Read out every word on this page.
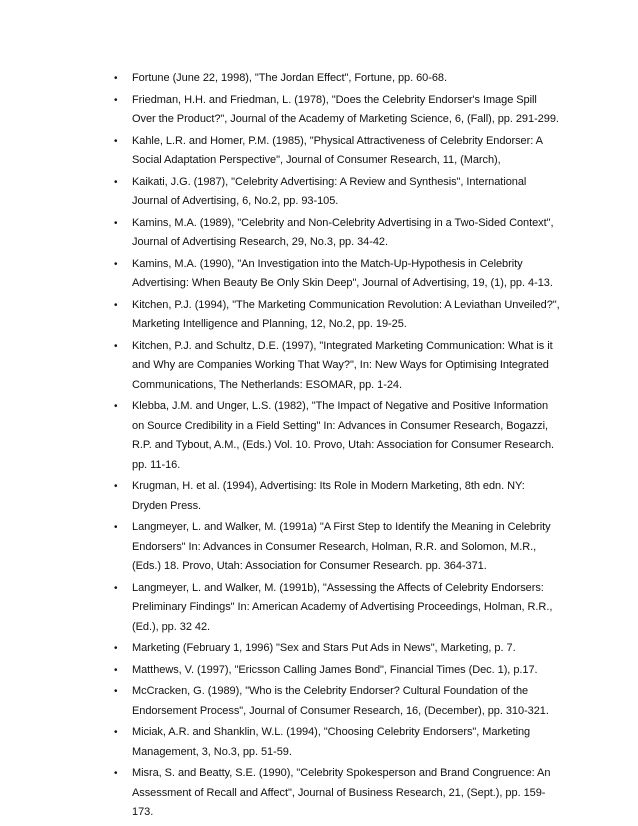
• Fortune (June 22, 1998), "The Jordan Effect", Fortune, pp. 60-68.
• Friedman, H.H. and Friedman, L. (1978), "Does the Celebrity Endorser's Image Spill
Over the Product?", Journal of the Academy of Marketing Science, 6, (Fall), pp. 291-299.
• Kahle, L.R. and Homer, P.M. (1985), "Physical Attractiveness of Celebrity Endorser: A
Social Adaptation Perspective", Journal of Consumer Research, 11, (March),
• Kaikati, J.G. (1987), "Celebrity Advertising: A Review and Synthesis", International
Journal of Advertising, 6, No.2, pp. 93-105.
• Kamins, M.A. (1989), "Celebrity and Non-Celebrity Advertising in a Two-Sided Context",
Journal of Advertising Research, 29, No.3, pp. 34-42.
• Kamins, M.A. (1990), "An Investigation into the Match-Up-Hypothesis in Celebrity
Advertising: When Beauty Be Only Skin Deep", Journal of Advertising, 19, (1), pp. 4-13.
• Kitchen, P.J. (1994), "The Marketing Communication Revolution: A Leviathan Unveiled?",
Marketing Intelligence and Planning, 12, No.2, pp. 19-25.
• Kitchen, P.J. and Schultz, D.E. (1997), "Integrated Marketing Communication: What is it
and Why are Companies Working That Way?", In: New Ways for Optimising Integrated
Communications, The Netherlands: ESOMAR, pp. 1-24.
• Klebba, J.M. and Unger, L.S. (1982), "The Impact of Negative and Positive Information
on Source Credibility in a Field Setting" In: Advances in Consumer Research, Bogazzi,
R.P. and Tybout, A.M., (Eds.) Vol. 10. Provo, Utah: Association for Consumer Research.
pp. 11-16.
• Krugman, H. et al. (1994), Advertising: Its Role in Modern Marketing, 8th edn. NY:
Dryden Press.
• Langmeyer, L. and Walker, M. (1991a) "A First Step to Identify the Meaning in Celebrity
Endorsers" In: Advances in Consumer Research, Holman, R.R. and Solomon, M.R.,
(Eds.) 18. Provo, Utah: Association for Consumer Research. pp. 364-371.
• Langmeyer, L. and Walker, M. (1991b), "Assessing the Affects of Celebrity Endorsers:
Preliminary Findings" In: American Academy of Advertising Proceedings, Holman, R.R.,
(Ed.), pp. 32 42.
• Marketing (February 1, 1996) "Sex and Stars Put Ads in News", Marketing, p. 7.
• Matthews, V. (1997), "Ericsson Calling James Bond", Financial Times (Dec. 1), p.17.
• McCracken, G. (1989), "Who is the Celebrity Endorser? Cultural Foundation of the
Endorsement Process", Journal of Consumer Research, 16, (December), pp. 310-321.
• Miciak, A.R. and Shanklin, W.L. (1994), "Choosing Celebrity Endorsers", Marketing
Management, 3, No.3, pp. 51-59.
• Misra, S. and Beatty, S.E. (1990), "Celebrity Spokesperson and Brand Congruence: An
Assessment of Recall and Affect", Journal of Business Research, 21, (Sept.), pp. 159-
173.
